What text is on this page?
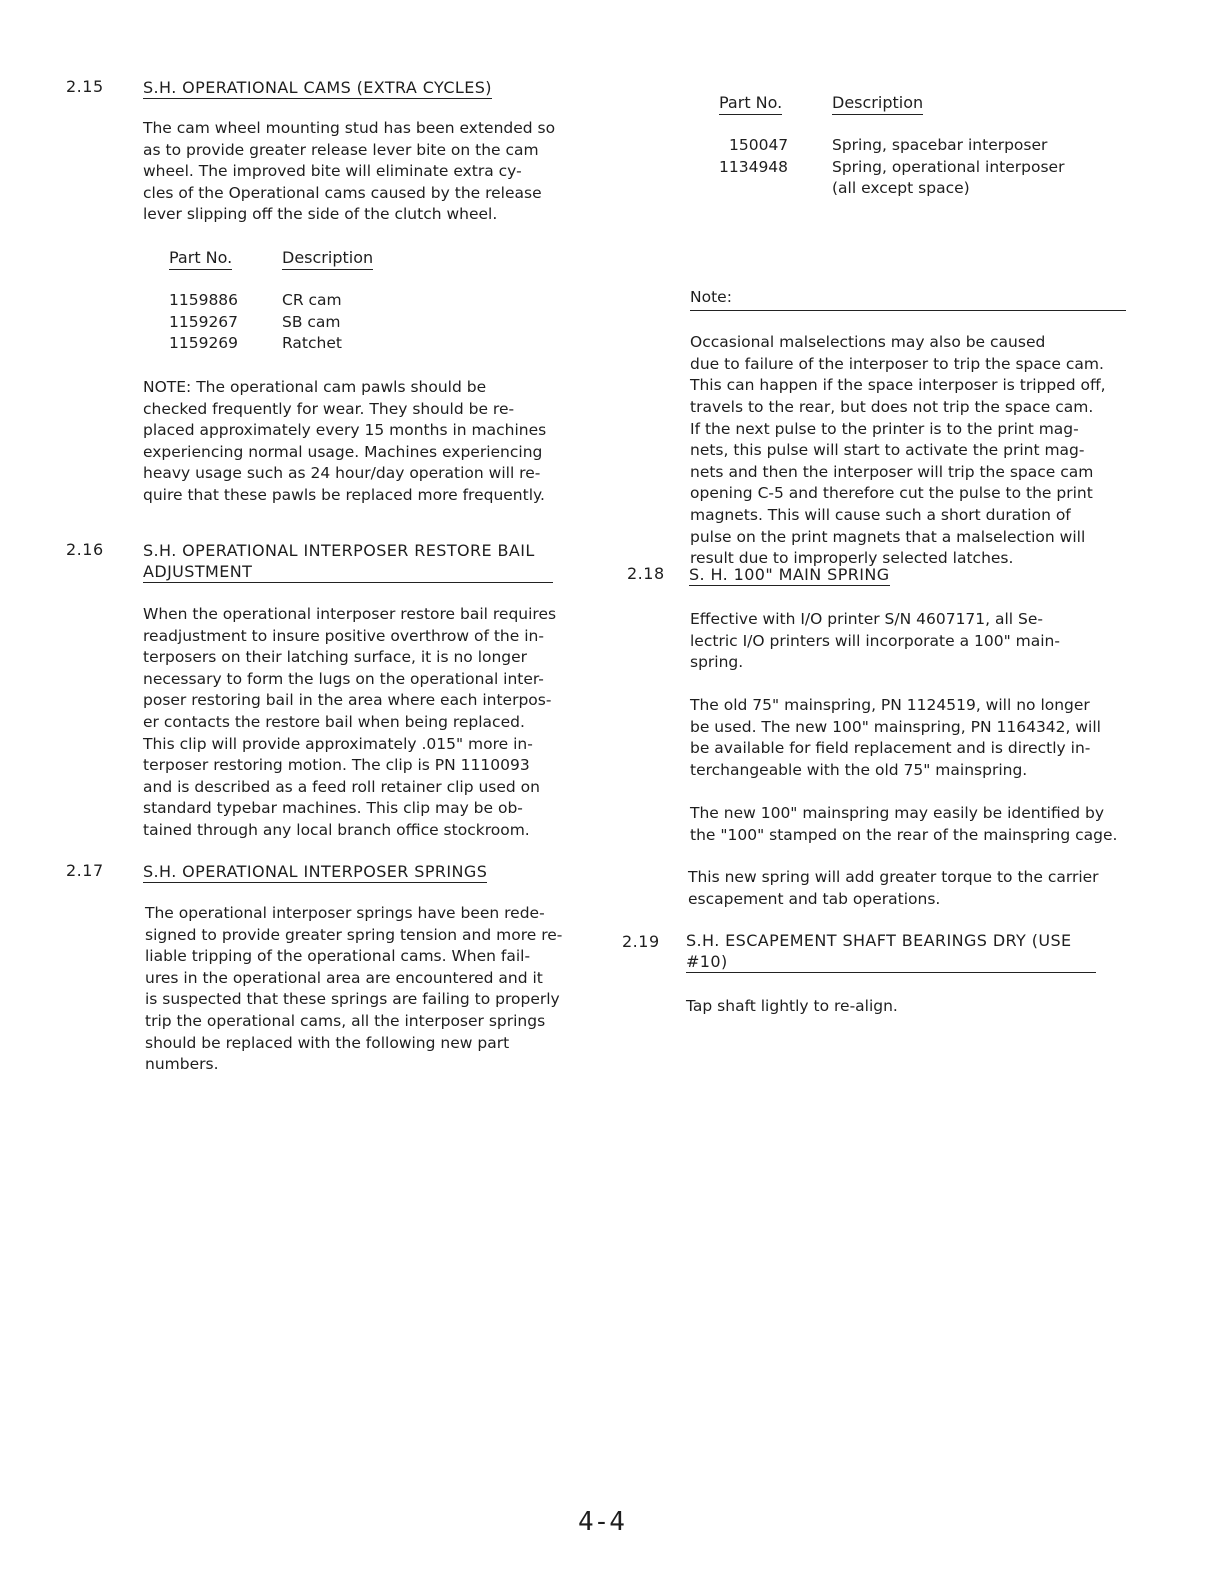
2.15 S.H. OPERATIONAL CAMS (EXTRA CYCLES)
The cam wheel mounting stud has been extended so
as to provide greater release lever bite on the cam
wheel. The improved bite will eliminate extra cy-
cles of the Operational cams caused by the release
lever slipping off the side of the clutch wheel.
Part No.	Description
1159886	CR cam
1159267	SB cam
1159269	Ratchet
NOTE: The operational cam pawls should be
checked frequently for wear. They should be re-
placed approximately every 15 months in machines
experiencing normal usage. Machines experiencing
heavy usage such as 24 hour/day operation will re-
quire that these pawls be replaced more frequently.
2.16 S.H. OPERATIONAL INTERPOSER RESTORE BAIL
ADJUSTMENT
When the operational interposer restore bail requires
readjustment to insure positive overthrow of the in-
terposers on their latching surface, it is no longer
necessary to form the lugs on the operational inter-
poser restoring bail in the area where each interpos-
er contacts the restore bail when being replaced.
This clip will provide approximately .015" more in-
terposer restoring motion. The clip is PN 1110093
and is described as a feed roll retainer clip used on
standard typebar machines. This clip may be ob-
tained through any local branch office stockroom.
2.17 S.H. OPERATIONAL INTERPOSER SPRINGS
The operational interposer springs have been rede-
signed to provide greater spring tension and more re-
liable tripping of the operational cams. When fail-
ures in the operational area are encountered and it
is suspected that these springs are failing to properly
trip the operational cams, all the interposer springs
should be replaced with the following new part
numbers.
Part No.	Description
150047	Spring, spacebar interposer
1134948	Spring, operational interposer
(all except space)
Note:

Occasional malselections may also be caused
due to failure of the interposer to trip the space cam.
This can happen if the space interposer is tripped off,
travels to the rear, but does not trip the space cam.
If the next pulse to the printer is to the print mag-
nets, this pulse will start to activate the print mag-
nets and then the interposer will trip the space cam
opening C-5 and therefore cut the pulse to the print
magnets. This will cause such a short duration of
pulse on the print magnets that a malselection will
result due to improperly selected latches.
2.18 S. H. 100" MAIN SPRING
Effective with I/O printer S/N 4607171, all Se-
lectric I/O printers will incorporate a 100" main-
spring.
The old 75" mainspring, PN 1124519, will no longer
be used. The new 100" mainspring, PN 1164342, will
be available for field replacement and is directly in-
terchangeable with the old 75" mainspring.
The new 100" mainspring may easily be identified by
the "100" stamped on the rear of the mainspring cage.
This new spring will add greater torque to the carrier
escapement and tab operations.
2.19 S.H. ESCAPEMENT SHAFT BEARINGS DRY (USE
#10)
Tap shaft lightly to re-align.
4-4
